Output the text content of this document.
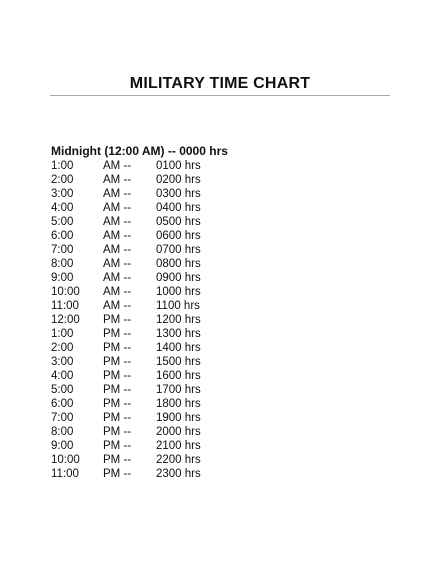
MILITARY TIME CHART
Midnight (12:00 AM) -- 0000 hrs
1:00	AM -- 0100 hrs
2:00	AM -- 0200 hrs
3:00	AM -- 0300 hrs
4:00	AM -- 0400 hrs
5:00	AM -- 0500 hrs
6:00	AM -- 0600 hrs
7:00	AM -- 0700 hrs
8:00	AM -- 0800 hrs
9:00	AM -- 0900 hrs
10:00 AM -- 1000 hrs
11:00 AM -- 1100 hrs
12:00 PM -- 1200 hrs
1:00	PM -- 1300 hrs
2:00	PM -- 1400 hrs
3:00	PM -- 1500 hrs
4:00	PM -- 1600 hrs
5:00	PM -- 1700 hrs
6:00	PM -- 1800 hrs
7:00	PM -- 1900 hrs
8:00	PM -- 2000 hrs
9:00	PM -- 2100 hrs
10:00 PM -- 2200 hrs
11:00 PM -- 2300 hrs
